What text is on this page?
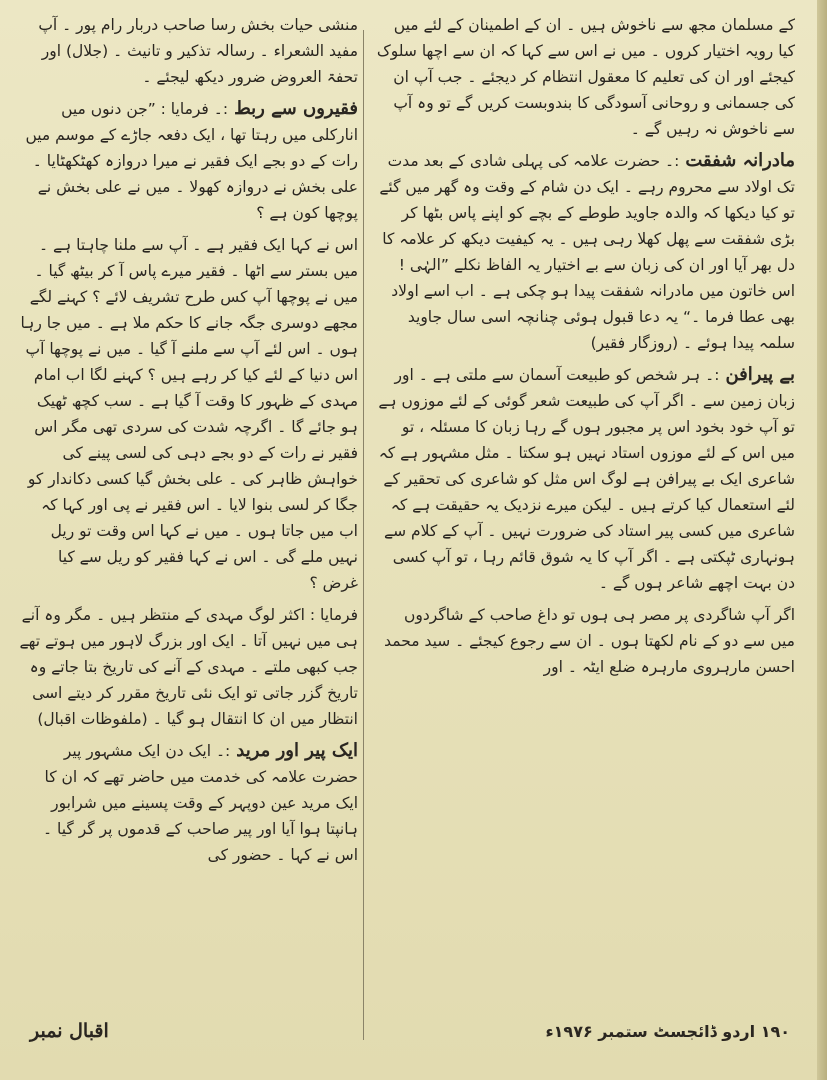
کے مسلمان مجھ سے ناخوش ہیں ۔ ان کے اطمینان کے لئے میں کیا رویہ اختیار کروں ۔ میں نے اس سے کہا کہ ان سے اچھا سلوک کیجئے اور ان کی تعلیم کا معقول انتظام کر دیجئے ۔ جب آپ ان کی جسمانی و روحانی آسودگی کا بندوبست کریں گے تو وہ آپ سے ناخوش نہ رہیں گے ۔

مادرانہ شفقت:۔ حضرت علامہ کی پہلی شادی کے بعد مدت تک اولاد سے محروم رہے ۔ ایک دن شام کے وقت وہ گھر میں گئے تو کیا دیکھا کہ والدہ جاوید طوطے کے بچے کو اپنے پاس بٹھا کر بڑی شفقت سے پھل کھلا رہی ہیں ۔ یہ کیفیت دیکھ کر علامہ کا دل بھر آیا اور ان کی زبان سے بے اختیار یہ الفاظ نکلے ”الہٰی ! اس خاتون میں مادرانہ شفقت پیدا ہو چکی ہے ۔ اب اسے اولاد بھی عطا فرما ۔“ یہ دعا قبول ہوئی چنانچہ اسی سال جاوید سلمہ پیدا ہوئے ۔ (روزگار فقیر)

بے پیرافن:۔ ہر شخص کو طبیعت آسمان سے ملتی ہے ۔ اور زبان زمین سے ۔ اگر آپ کی طبیعت شعر گوئی کے لئے موزوں ہے تو آپ خود بخود اس پر مجبور ہوں گے رہا زبان کا مسئلہ ، تو میں اس کے لئے موزوں استاد نہیں ہو سکتا ۔ مثل مشہور ہے کہ شاعری ایک بے پیرافن ہے لوگ اس مثل کو شاعری کی تحقیر کے لئے استعمال کیا کرتے ہیں ۔ لیکن میرے نزدیک یہ حقیقت ہے کہ شاعری میں کسی پیر استاد کی ضرورت نہیں ۔ آپ کے کلام سے ہونہاری ٹپکتی ہے ۔ اگر آپ کا یہ شوق قائم رہا ، تو آپ کسی دن بہت اچھے شاعر ہوں گے ۔

اگر آپ شاگردی پر مصر ہی ہوں تو داغ صاحب کے شاگردوں میں سے دو کے نام لکھتا ہوں ۔ ان سے رجوع کیجئے ۔ سید محمد احسن مارہروی مارہرہ ضلع ایٹہ ۔ اور

منشی حیات بخش رسا صاحب دربار رام پور ۔ آپ مفید الشعراء ۔ رسالہ تذکیر و تانیث ۔ (جلال) اور تحفۃ العروض ضرور دیکھ لیجئے ۔

فقیروں سے ربط:۔ فرمایا : ”جن دنوں میں انارکلی میں رہتا تھا ، ایک دفعہ جاڑے کے موسم میں رات کے دو بجے ایک فقیر نے میرا دروازہ کھٹکھٹایا ۔ علی بخش نے دروازہ کھولا ۔ میں نے علی بخش نے پوچھا کون ہے ؟

اس نے کہا ایک فقیر ہے ۔ آپ سے ملنا چاہتا ہے ۔ میں بستر سے اٹھا ۔ فقیر میرے پاس آ کر بیٹھ گیا ۔ میں نے پوچھا آپ کس طرح تشریف لائے ؟ کہنے لگے مجھے دوسری جگہ جانے کا حکم ملا ہے ۔ میں جا رہا ہوں ۔ اس لئے آپ سے ملنے آ گیا ۔ میں نے پوچھا آپ اس دنیا کے لئے کیا کر رہے ہیں ؟ کہنے لگا اب امام مہدی کے ظہور کا وقت آ گیا ہے ۔ سب کچھ ٹھیک ہو جائے گا ۔ اگرچہ شدت کی سردی تھی مگر اس فقیر نے رات کے دو بجے دہی کی لسی پینے کی خواہش ظاہر کی ۔ علی بخش گیا کسی دکاندار کو جگا کر لسی بنوا لایا ۔ اس فقیر نے پی اور کہا کہ اب میں جاتا ہوں ۔ میں نے کہا اس وقت تو ریل نہیں ملے گی ۔ اس نے کہا فقیر کو ریل سے کیا غرض ؟

فرمایا : اکثر لوگ مہدی کے منتظر ہیں ۔ مگر وہ آنے ہی میں نہیں آتا ۔ ایک اور بزرگ لاہور میں ہوتے تھے جب کبھی ملتے ۔ مہدی کے آنے کی تاریخ بتا جاتے وہ تاریخ گزر جاتی تو ایک نئی تاریخ مقرر کر دیتے اسی انتظار میں ان کا انتقال ہو گیا ۔ (ملفوظات اقبال)

ایک پیر اور مرید:۔ ایک دن ایک مشہور پیر حضرت علامہ کی خدمت میں حاضر تھے کہ ان کا ایک مرید عین دوپہر کے وقت پسینے میں شرابور ہانپتا ہوا آیا اور پیر صاحب کے قدموں پر گر گیا ۔ اس نے کہا ۔ حضور کی

۱۹۰ اردو ڈائجسٹ ستمبر ۱۹۷۶ء
اقبال نمبر
